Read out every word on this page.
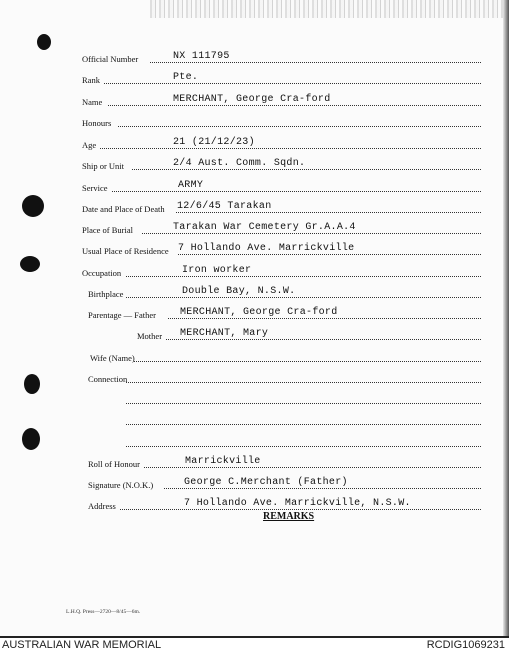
Official Number	NX 111795
Rank	Pte.
Name	MERCHANT, George Cra-ford
Honours
Age	21 (21/12/23)
Ship or Unit	2/4 Aust. Comm. Sqdn.
Service	ARMY
Date and Place of Death 12/6/45 Tarakan
Place of Burial	Tarakan War Cemetery Gr.A.A.4
Usual Place of Residence 7 Hollando Ave. Marrickville
Occupation	Iron worker
Birthplace	Double Bay, N.S.W.
Parentage — Father MERCHANT, George Cra-ford
Mother MERCHANT, Mary
Wife (Name)
Connection
Roll of Honour	Marrickville
Signature (N.O.K.)	George C.Merchant (Father)
Address	7 Hollando Ave. Marrickville, N.S.W.
REMARKS
L.H.Q. Press—2720—8/45—6m.
AUSTRALIAN WAR MEMORIAL	RCDIG1069231
